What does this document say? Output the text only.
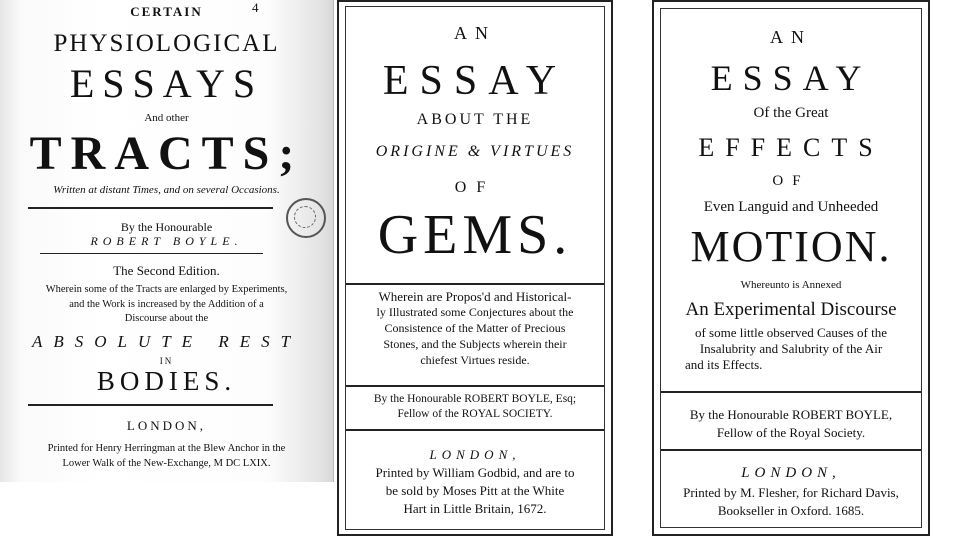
CERTAIN	4
PHYSIOLOGICAL
ESSAYS
And other
TRACTS;
Written at distant Times, and on several Occasions.
By the Honourable
ROBERT BOYLE.
The Second Edition.
Wherein some of the Tracts are enlarged by Experiments,
and the Work is increased by the Addition of a
Discourse about the
ABSOLUTE REST
IN
BODIES.
LONDON,
Printed for Henry Herringman at the Blew Anchor in the
Lower Walk of the New-Exchange, M DC LXIX.
AN
ESSAY
ABOUT THE
ORIGINE & VIRTUES
OF
GEMS.
Wherein are Propos'd and Historical-
ly Illustrated some Conjectures about the
Consistence of the Matter of Precious
Stones, and the Subjects wherein their
chiefest Virtues reside.
By the Honourable ROBERT BOYLE, Esq;
Fellow of the ROYAL SOCIETY.
LONDON,
Printed by William Godbid, and are to
be sold by Moses Pitt at the White
Hart in Little Britain, 1672.
AN
ESSAY
Of the Great
EFFECTS
OF
Even Languid and Unheeded
MOTION.
Whereunto is Annexed
An Experimental Discourse
of some little observed Causes of the
Insalubrity and Salubrity of the Air
and its Effects.
By the Honourable ROBERT BOYLE,
Fellow of the Royal Society.
LONDON,
Printed by M. Flesher, for Richard Davis,
Bookseller in Oxford. 1685.
